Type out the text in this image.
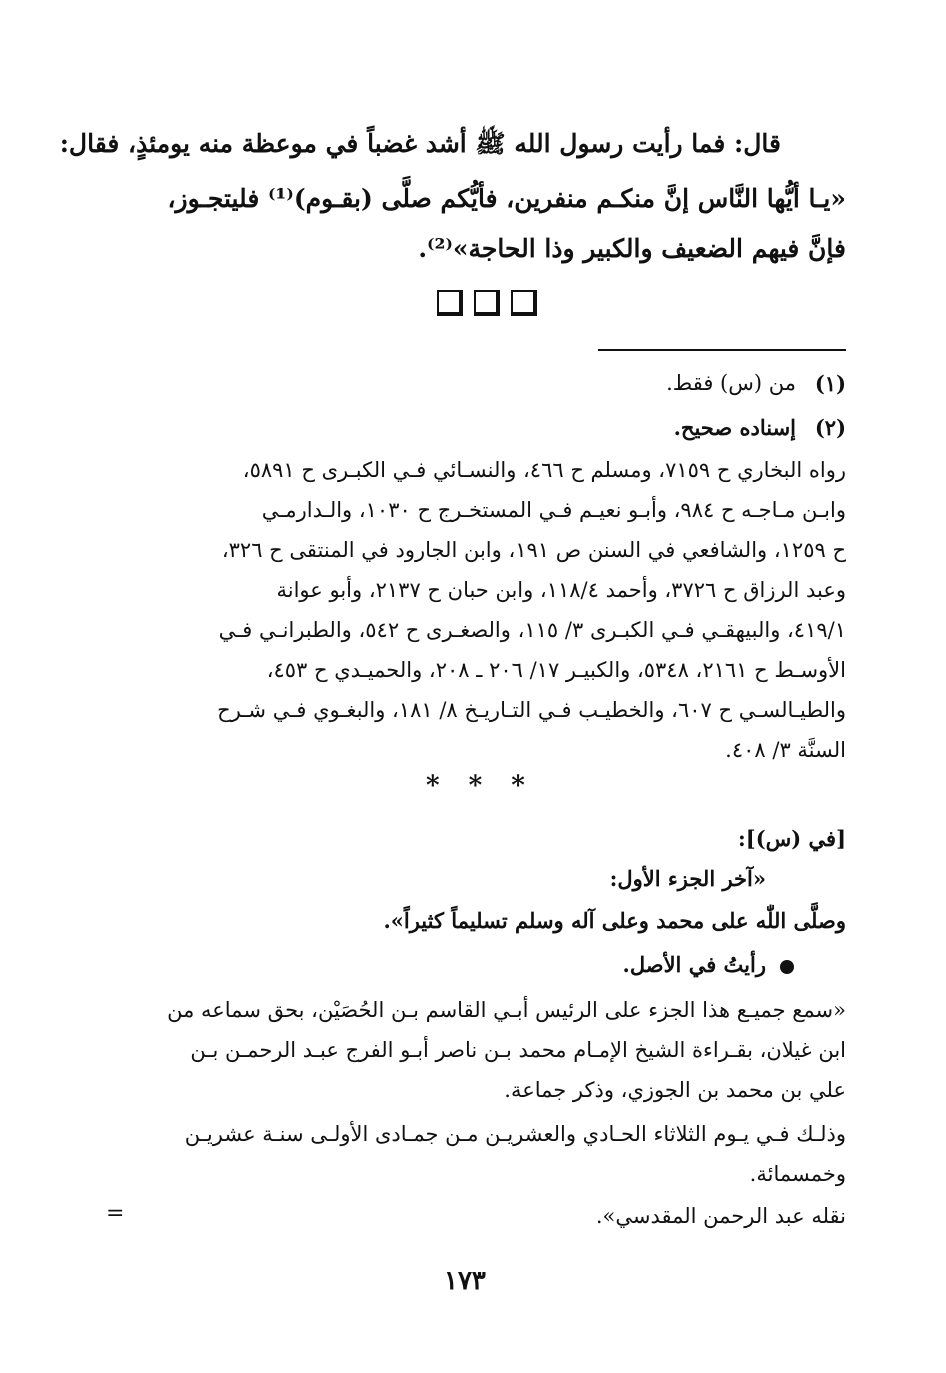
قال: فما رأيت رسول الله ﷺ أشد غضباً في موعظة منه يومئذٍ، فقال:
«يـا أيُّها النَّاس إنَّ منكـم منفرين، فأيُّكم صلَّى (بقـوم)⁽¹⁾ فليتجـوز،
فإنَّ فيهم الضعيف والكبير وذا الحاجة»⁽²⁾.
(١)
من (س) فقط.
(٢)
إسناده صحيح.
رواه البخاري ح ٧١٥٩، ومسلم ح ٤٦٦، والنسـائي فـي الكبـرى ح ٥٨٩١،
وابـن مـاجـه ح ٩٨٤، وأبـو نعيـم فـي المستخـرج ح ١٠٣٠، والـدارمـي
ح ١٢٥٩، والشافعي في السنن ص ١٩١، وابن الجارود في المنتقى ح ٣٢٦،
وعبد الرزاق ح ٣٧٢٦، وأحمد ١١٨/٤، وابن حبان ح ٢١٣٧، وأبو عوانة
٤١٩/١، والبيهقـي فـي الكبـرى ٣/ ١١٥، والصغـرى ح ٥٤٢، والطبرانـي فـي
الأوسـط ح ٢١٦١، ٥٣٤٨، والكبيـر ١٧/ ٢٠٦ ـ ٢٠٨، والحميـدي ح ٤٥٣،
والطيـالسـي ح ٦٠٧، والخطيـب فـي التـاريـخ ٨/ ١٨١، والبغـوي فـي شـرح
السنَّة ٣/ ٤٠٨.
* * *
[في (س)]:
«آخر الجزء الأول:
وصلَّى اللّٰه على محمد وعلى آله وسلم تسليماً كثيراً».
رأيتُ في الأصل.
«سمع جميـع هذا الجزء على الرئيس أبـي القاسم بـن الحُصَيْن، بحق سماعه من
ابن غيلان، بقـراءة الشيخ الإمـام محمد بـن ناصر أبـو الفرج عبـد الرحمـن بـن
علي بن محمد بن الجوزي، وذكر جماعة.
وذلـك فـي يـوم الثلاثاء الحـادي والعشريـن مـن جمـادى الأولـى سنـة عشريـن
وخمسمائة.
نقله عبد الرحمن المقدسي».
=
١٧٣
